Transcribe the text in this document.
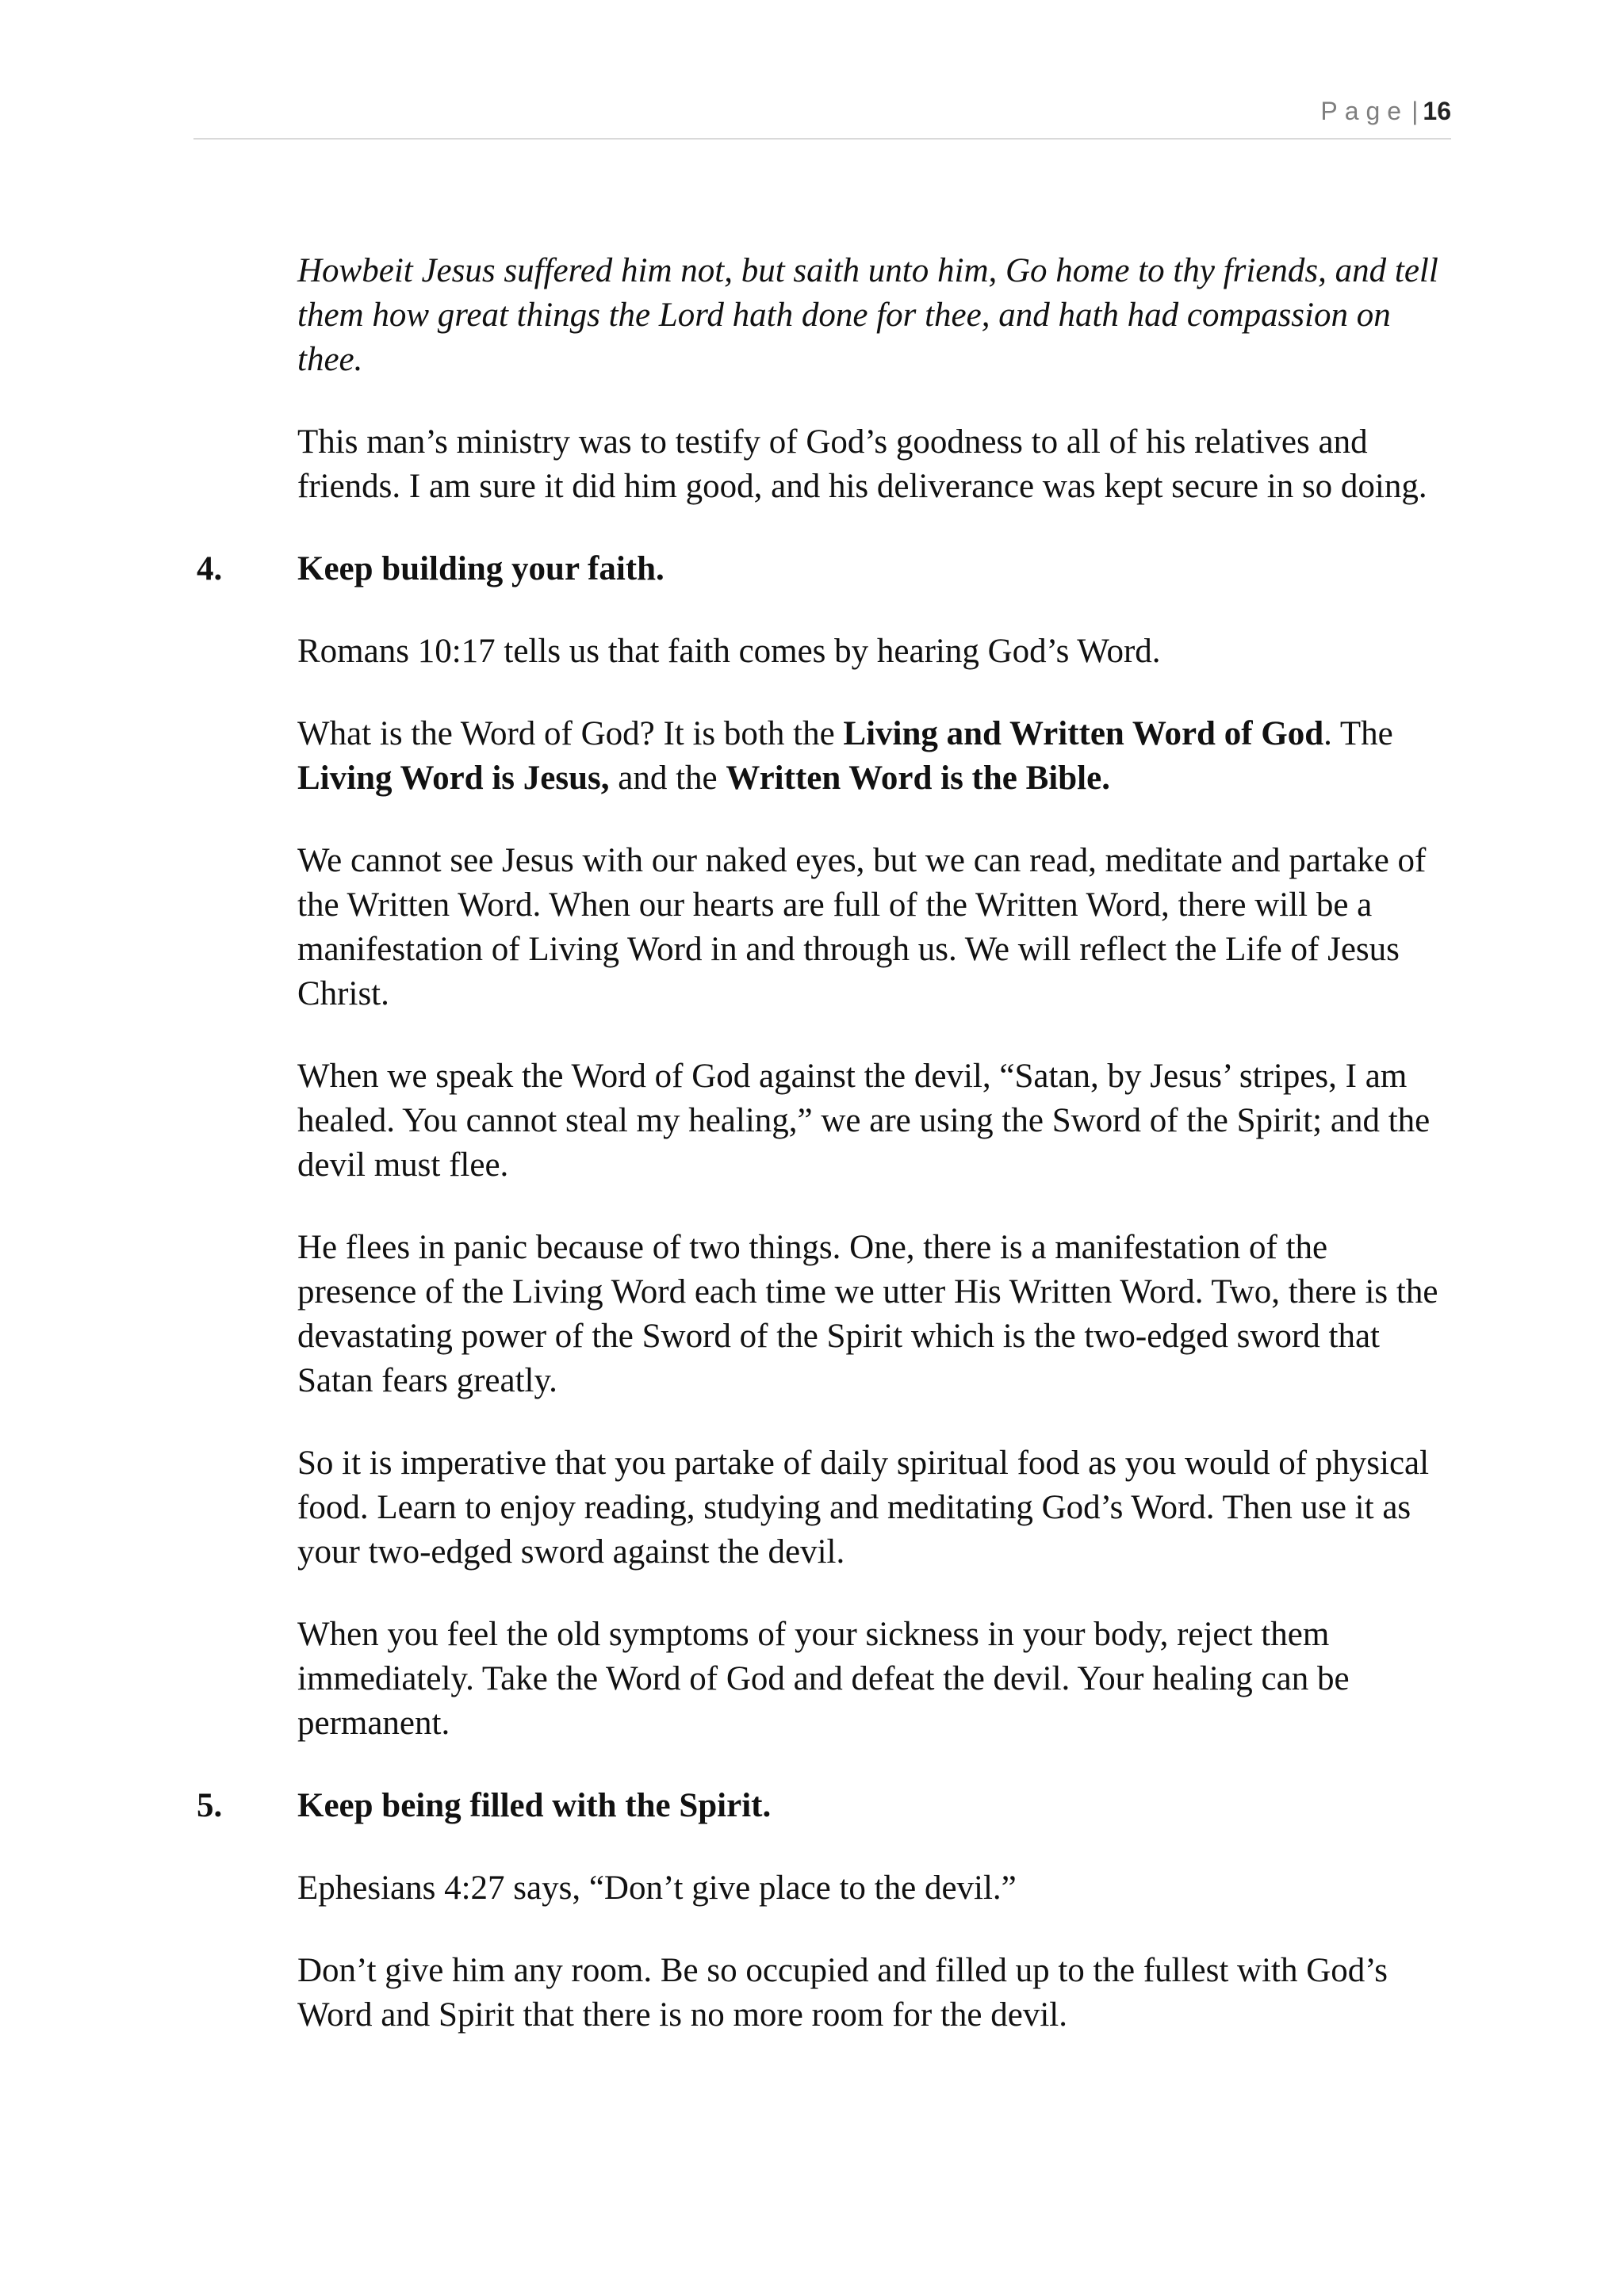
Page | 16

Howbeit Jesus suffered him not, but saith unto him, Go home to thy friends, and tell them how great things the Lord hath done for thee, and hath had compassion on thee.

This man’s ministry was to testify of God’s goodness to all of his relatives and friends. I am sure it did him good, and his deliverance was kept secure in so doing.

4. Keep building your faith.

Romans 10:17 tells us that faith comes by hearing God’s Word.

What is the Word of God? It is both the Living and Written Word of God. The Living Word is Jesus, and the Written Word is the Bible.

We cannot see Jesus with our naked eyes, but we can read, meditate and partake of the Written Word. When our hearts are full of the Written Word, there will be a manifestation of Living Word in and through us. We will reflect the Life of Jesus Christ.

When we speak the Word of God against the devil, “Satan, by Jesus’ stripes, I am healed. You cannot steal my healing,” we are using the Sword of the Spirit; and the devil must flee.

He flees in panic because of two things. One, there is a manifestation of the presence of the Living Word each time we utter His Written Word. Two, there is the devastating power of the Sword of the Spirit which is the two-edged sword that Satan fears greatly.

So it is imperative that you partake of daily spiritual food as you would of physical food. Learn to enjoy reading, studying and meditating God’s Word. Then use it as your two-edged sword against the devil.

When you feel the old symptoms of your sickness in your body, reject them immediately. Take the Word of God and defeat the devil. Your healing can be permanent.

5. Keep being filled with the Spirit.

Ephesians 4:27 says, “Don’t give place to the devil.”

Don’t give him any room. Be so occupied and filled up to the fullest with God’s Word and Spirit that there is no more room for the devil.
